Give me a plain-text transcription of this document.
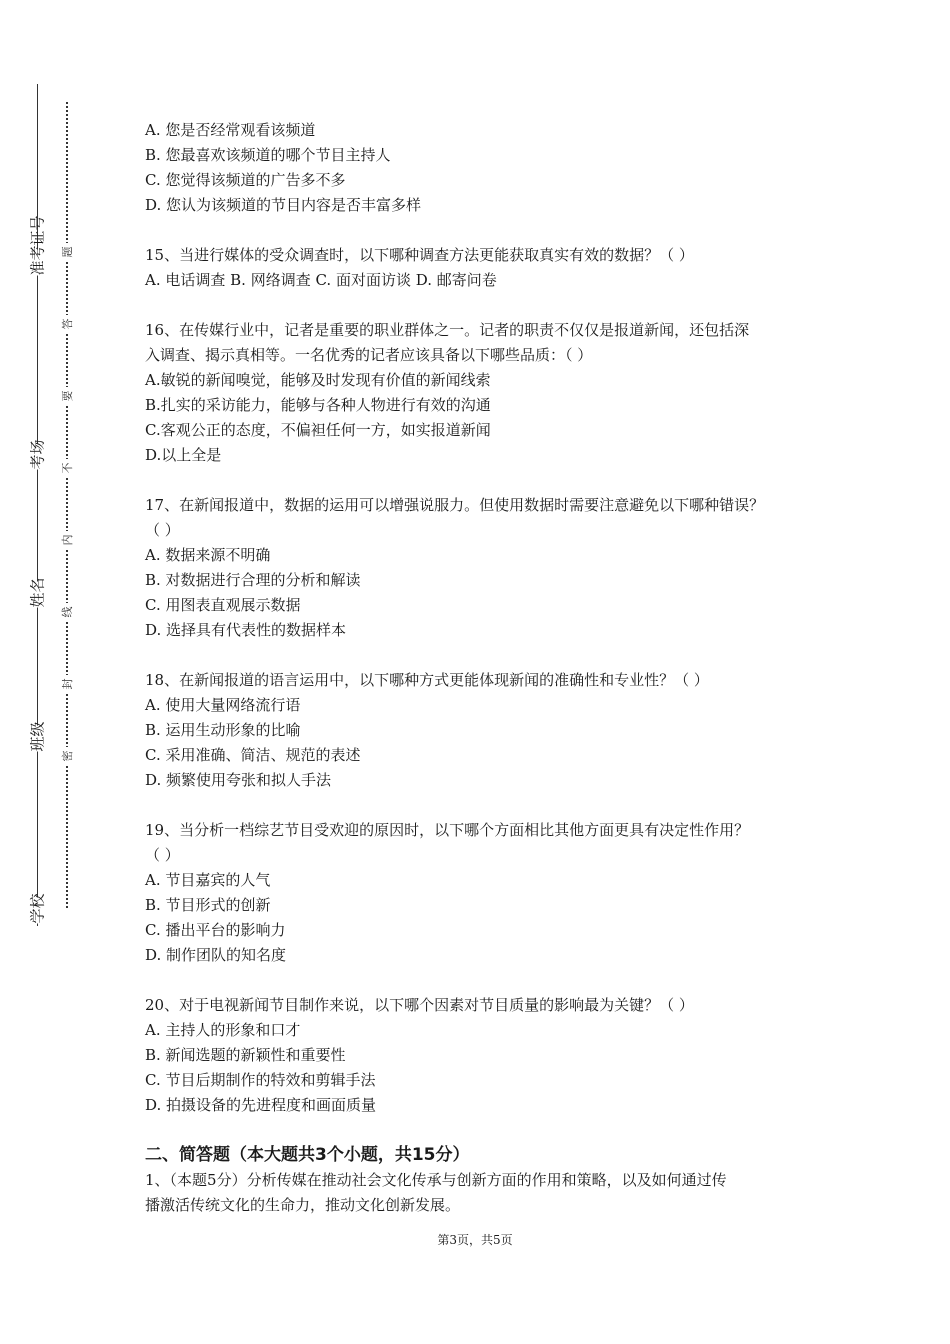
准考证号
考场
姓名
班级
学校
题
答
要
不
内
线
封
密

A. 您是否经常观看该频道

B. 您最喜欢该频道的哪个节目主持人

C. 您觉得该频道的广告多不多

D. 您认为该频道的节目内容是否丰富多样

15、当进行媒体的受众调查时，以下哪种调查方法更能获取真实有效的数据？（ ）

A. 电话调查 B. 网络调查 C. 面对面访谈 D. 邮寄问卷

16、在传媒行业中，记者是重要的职业群体之一。记者的职责不仅仅是报道新闻，还包括深

入调查、揭示真相等。一名优秀的记者应该具备以下哪些品质：（ ）

A.敏锐的新闻嗅觉，能够及时发现有价值的新闻线索

B.扎实的采访能力，能够与各种人物进行有效的沟通

C.客观公正的态度，不偏袒任何一方，如实报道新闻

D.以上全是

17、在新闻报道中，数据的运用可以增强说服力。但使用数据时需要注意避免以下哪种错误？

（ ）

A. 数据来源不明确

B. 对数据进行合理的分析和解读

C. 用图表直观展示数据

D. 选择具有代表性的数据样本

18、在新闻报道的语言运用中，以下哪种方式更能体现新闻的准确性和专业性？（ ）

A. 使用大量网络流行语

B. 运用生动形象的比喻

C. 采用准确、简洁、规范的表述

D. 频繁使用夸张和拟人手法

19、当分析一档综艺节目受欢迎的原因时，以下哪个方面相比其他方面更具有决定性作用？

（ ）

A. 节目嘉宾的人气

B. 节目形式的创新

C. 播出平台的影响力

D. 制作团队的知名度

20、对于电视新闻节目制作来说，以下哪个因素对节目质量的影响最为关键？（ ）

A. 主持人的形象和口才

B. 新闻选题的新颖性和重要性

C. 节目后期制作的特效和剪辑手法

D. 拍摄设备的先进程度和画面质量

二、简答题（本大题共3个小题，共15分）

1、（本题5分）分析传媒在推动社会文化传承与创新方面的作用和策略，以及如何通过传

播激活传统文化的生命力，推动文化创新发展。

第3页，共5页
